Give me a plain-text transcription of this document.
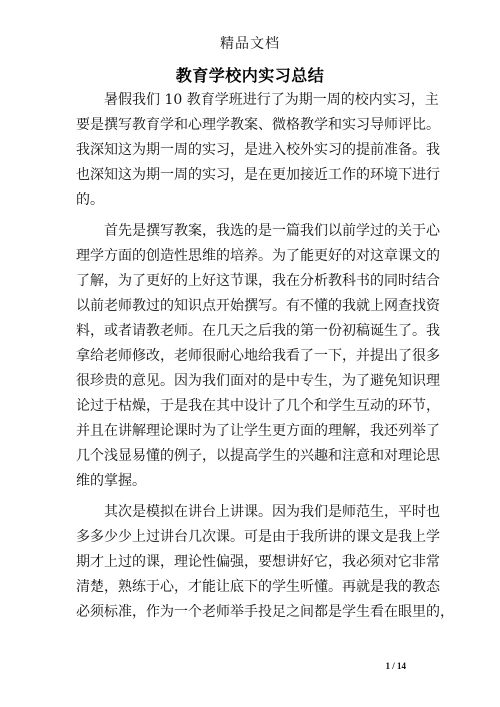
精品文档
教育学校内实习总结
暑假我们 10 教育学班进行了为期一周的校内实习，主
要是撰写教育学和心理学教案、微格教学和实习导师评比。
我深知这为期一周的实习，是进入校外实习的提前准备。我
也深知这为期一周的实习，是在更加接近工作的环境下进行
的。
首先是撰写教案，我选的是一篇我们以前学过的关于心
理学方面的创造性思维的培养。为了能更好的对这章课文的
了解，为了更好的上好这节课，我在分析教科书的同时结合
以前老师教过的知识点开始撰写。有不懂的我就上网查找资
料，或者请教老师。在几天之后我的第一份初稿诞生了。我
拿给老师修改，老师很耐心地给我看了一下，并提出了很多
很珍贵的意见。因为我们面对的是中专生，为了避免知识理
论过于枯燥，于是我在其中设计了几个和学生互动的环节，
并且在讲解理论课时为了让学生更方面的理解，我还列举了
几个浅显易懂的例子，以提高学生的兴趣和注意和对理论思
维的掌握。
其次是模拟在讲台上讲课。因为我们是师范生，平时也
多多少少上过讲台几次课。可是由于我所讲的课文是我上学
期才上过的课，理论性偏强，要想讲好它，我必须对它非常
清楚，熟练于心，才能让底下的学生听懂。再就是我的教态
必须标准，作为一个老师举手投足之间都是学生看在眼里的，
1 / 14
